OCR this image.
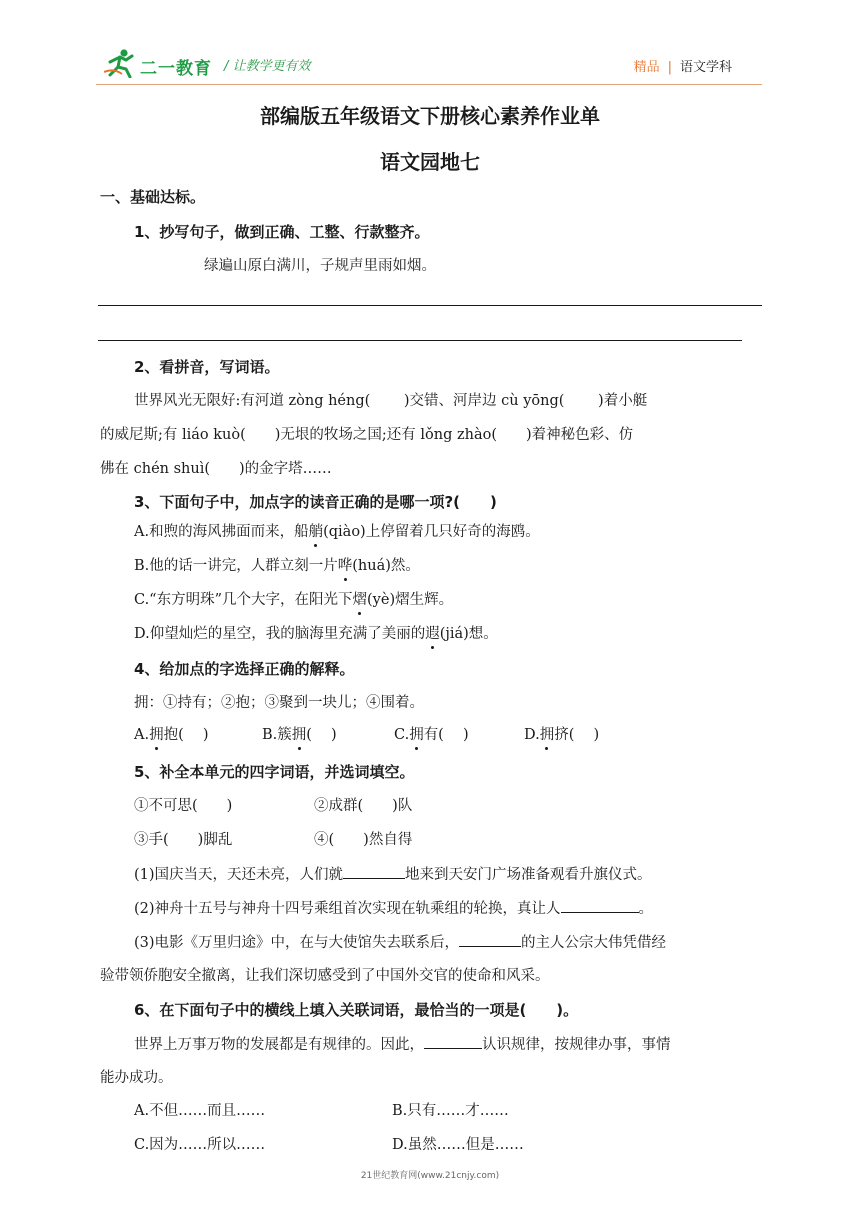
二一教育 / 让教学更有效	精品 | 语文学科
部编版五年级语文下册核心素养作业单
语文园地七
一、基础达标。
1、抄写句子，做到正确、工整、行款整齐。
绿遍山原白满川，子规声里雨如烟。
2、看拼音，写词语。
世界风光无限好:有河道 zòng héng(　　 )交错、河岸边 cù yōng(　　 )着小艇
的威尼斯;有 liáo kuò(　　)无垠的牧场之国;还有 lǒng zhào(　　)着神秘色彩、仿
佛在 chén shuì(　　)的金字塔……
3、下面句子中，加点字的读音正确的是哪一项?(　　)
A.和煦的海风拂面而来，船艄(qiào)上停留着几只好奇的海鸥。
B.他的话一讲完，人群立刻一片哗(huá)然。
C.“东方明珠”几个大字，在阳光下熠(yè)熠生辉。
D.仰望灿烂的星空，我的脑海里充满了美丽的遐(jiá)想。
4、给加点的字选择正确的解释。
拥：①持有；②抱；③聚到一块儿；④围着。
A.拥抱(　 )	B.簇拥(　 )	C.拥有(　 )	D.拥挤(　 )
5、补全本单元的四字词语，并选词填空。
①不可思(　　)	②成群(　　)队
③手(　　)脚乱	④(　　)然自得
(1)国庆当天，天还未亮，人们就	地来到天安门广场准备观看升旗仪式。
(2)神舟十五号与神舟十四号乘组首次实现在轨乘组的轮换，真让人	。
(3)电影《万里归途》中，在与大使馆失去联系后，	的主人公宗大伟凭借经
验带领侨胞安全撤离，让我们深切感受到了中国外交官的使命和风采。
6、在下面句子中的横线上填入关联词语，最恰当的一项是(　　)。
世界上万事万物的发展都是有规律的。因此，	认识规律，按规律办事，事情
能办成功。
A.不但……而且……	B.只有……才……
C.因为……所以……	D.虽然……但是……
21世纪教育网(www.21cnjy.com)
